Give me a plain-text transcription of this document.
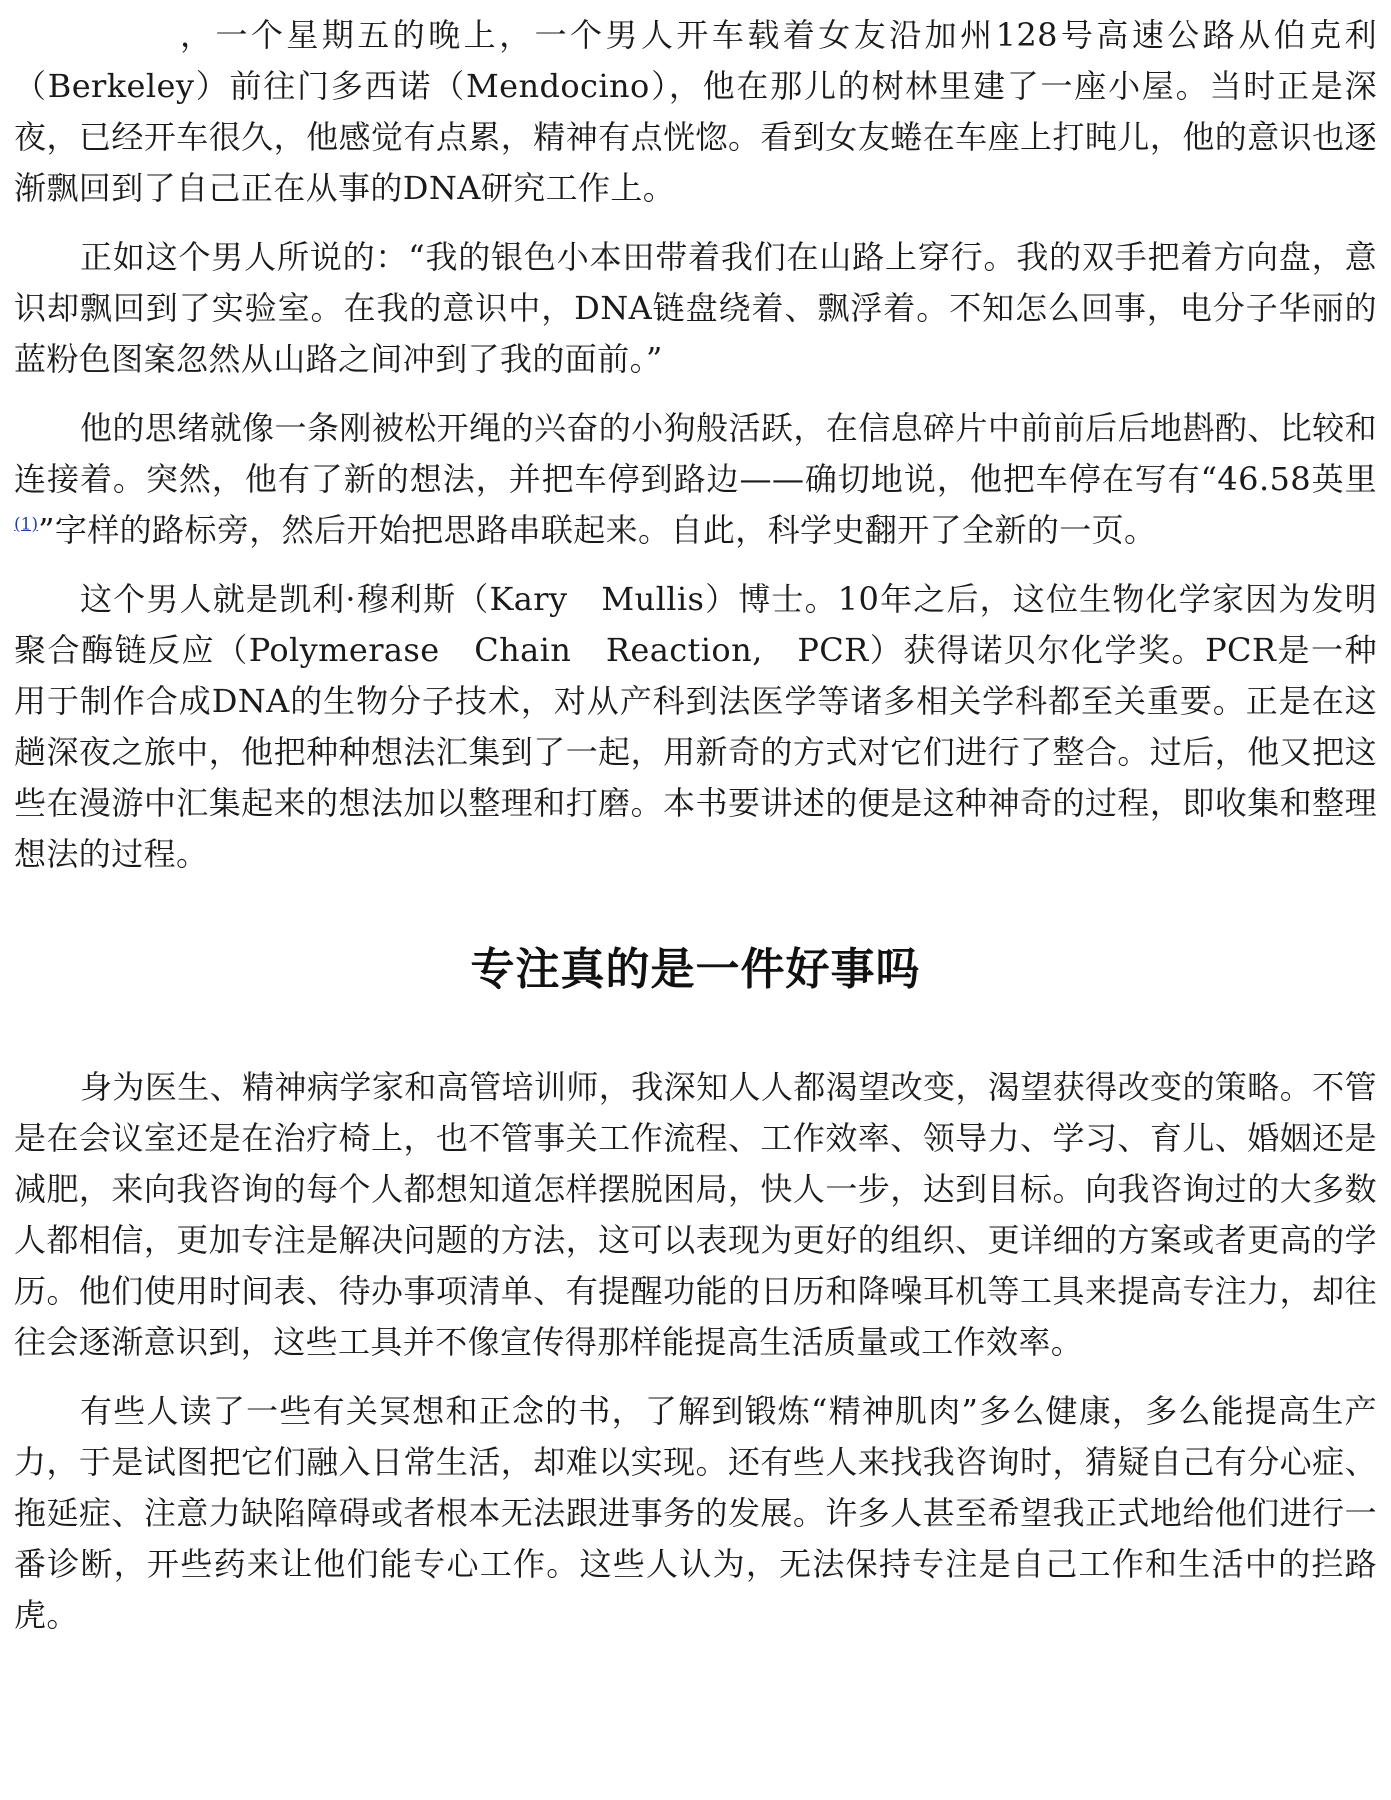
，一个星期五的晚上，一个男人开车载着女友沿加州128号高速公路从伯克利（Berkeley）前往门多西诺（Mendocino），他在那儿的树林里建了一座小屋。当时正是深夜，已经开车很久，他感觉有点累，精神有点恍惚。看到女友蜷在车座上打盹儿，他的意识也逐渐飘回到了自己正在从事的DNA研究工作上。

正如这个男人所说的：“我的银色小本田带着我们在山路上穿行。我的双手把着方向盘，意识却飘回到了实验室。在我的意识中，DNA链盘绕着、飘浮着。不知怎么回事，电分子华丽的蓝粉色图案忽然从山路之间冲到了我的面前。”

他的思绪就像一条刚被松开绳的兴奋的小狗般活跃，在信息碎片中前前后后地斟酌、比较和连接着。突然，他有了新的想法，并把车停到路边——确切地说，他把车停在写有“46.58英里$^{(1)}$”字样的路标旁，然后开始把思路串联起来。自此，科学史翻开了全新的一页。

这个男人就是凯利·穆利斯（Kary　Mullis）博士。10年之后，这位生物化学家因为发明聚合酶链反应（Polymerase　Chain　Reaction,　PCR）获得诺贝尔化学奖。PCR是一种用于制作合成DNA的生物分子技术，对从产科到法医学等诸多相关学科都至关重要。正是在这趟深夜之旅中，他把种种想法汇集到了一起，用新奇的方式对它们进行了整合。过后，他又把这些在漫游中汇集起来的想法加以整理和打磨。本书要讲述的便是这种神奇的过程，即收集和整理想法的过程。

专注真的是一件好事吗

身为医生、精神病学家和高管培训师，我深知人人都渴望改变，渴望获得改变的策略。不管是在会议室还是在治疗椅上，也不管事关工作流程、工作效率、领导力、学习、育儿、婚姻还是减肥，来向我咨询的每个人都想知道怎样摆脱困局，快人一步，达到目标。向我咨询过的大多数人都相信，更加专注是解决问题的方法，这可以表现为更好的组织、更详细的方案或者更高的学历。他们使用时间表、待办事项清单、有提醒功能的日历和降噪耳机等工具来提高专注力，却往往会逐渐意识到，这些工具并不像宣传得那样能提高生活质量或工作效率。

有些人读了一些有关冥想和正念的书，了解到锻炼“精神肌肉”多么健康，多么能提高生产力，于是试图把它们融入日常生活，却难以实现。还有些人来找我咨询时，猜疑自己有分心症、拖延症、注意力缺陷障碍或者根本无法跟进事务的发展。许多人甚至希望我正式地给他们进行一番诊断，开些药来让他们能专心工作。这些人认为，无法保持专注是自己工作和生活中的拦路虎。
